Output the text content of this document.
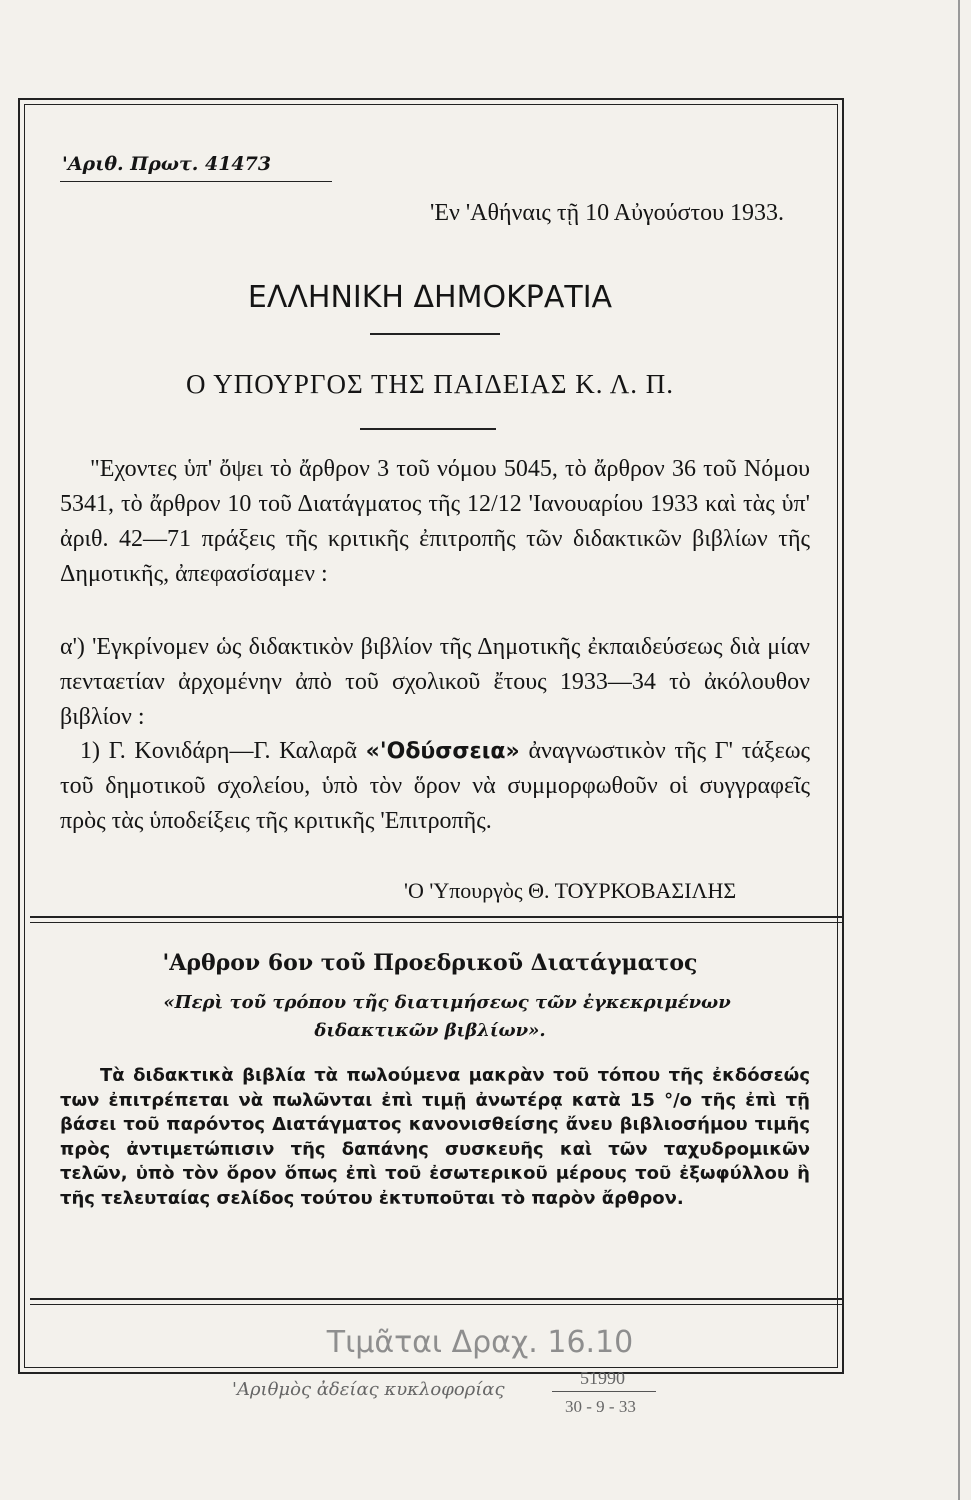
'Αριθ. Πρωτ. 41473
'Εν 'Αθήναις τῇ 10 Αὐγούστου 1933.
ΕΛΛΗΝΙΚΗ ΔΗΜΟΚΡΑΤΙΑ
Ο ΥΠΟΥΡΓΟΣ ΤΗΣ ΠΑΙΔΕΙΑΣ Κ. Λ. Π.
"Εχοντες ὑπ' ὄψει τὸ ἄρθρον 3 τοῦ νόμου 5045, τὸ ἄρθρον 36 τοῦ Νόμου 5341, τὸ ἄρθρον 10 τοῦ Διατάγματος τῆς 12/12 'Ιανουαρίου 1933 καὶ τὰς ὑπ' ἀριθ. 42—71 πράξεις τῆς κριτικῆς ἐπιτροπῆς τῶν διδακτικῶν βιβλίων τῆς Δημοτικῆς, ἀπεφασίσαμεν :
α') 'Εγκρίνομεν ὡς διδακτικὸν βιβλίον τῆς Δημοτικῆς ἐκπαιδεύσεως διὰ μίαν πενταετίαν ἀρχομένην ἀπὸ τοῦ σχολικοῦ ἔτους 1933—34 τὸ ἀκόλουθον βιβλίον :
1) Γ. Κονιδάρη—Γ. Καλαρᾶ «'Οδύσσεια» ἀναγνωστικὸν τῆς Γ' τάξεως τοῦ δημοτικοῦ σχολείου, ὑπὸ τὸν ὅρον νὰ συμμορφωθοῦν οἱ συγγραφεῖς πρὸς τὰς ὑποδείξεις τῆς κριτικῆς 'Επιτροπῆς.
'Ο 'Υπουργὸς Θ. ΤΟΥΡΚΟΒΑΣΙΛΗΣ
'Αρθρον 6ον τοῦ Προεδρικοῦ Διατάγματος
«Περὶ τοῦ τρόπου τῆς διατιμήσεως τῶν ἐγκεκριμένων
διδακτικῶν βιβλίων».
Τὰ διδακτικὰ βιβλία τὰ πωλούμενα μακρὰν τοῦ τόπου τῆς ἐκδόσεώς των ἐπιτρέπεται νὰ πωλῶνται ἐπὶ τιμῇ ἀνωτέρᾳ κατὰ 15 °/ο τῆς ἐπὶ τῇ βάσει τοῦ παρόντος Διατάγματος κανονισθείσης ἄνευ βιβλιοσήμου τιμῆς πρὸς ἀντιμετώπισιν τῆς δαπάνης συσκευῆς καὶ τῶν ταχυδρομικῶν τελῶν, ὑπὸ τὸν ὅρον ὅπως ἐπὶ τοῦ ἐσωτερικοῦ μέρους τοῦ ἐξωφύλλου ἢ τῆς τελευταίας σελίδος τούτου ἐκτυποῦται τὸ παρὸν ἄρθρον.
Τιμᾶται Δραχ. 16.10
'Αριθμὸς ἀδείας κυκλοφορίας
51990
30 - 9 - 33
